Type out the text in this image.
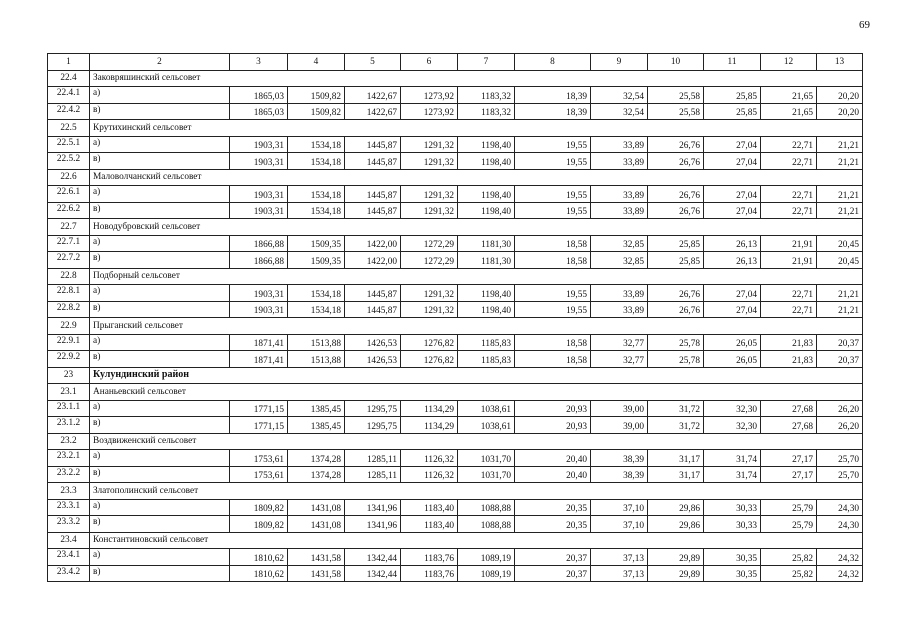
69
1	2	3	4	5	6	7	8	9	10	11	12	13
22.4	Заковряшинский сельсовет											
22.4.1	а)	1865,03	1509,82	1422,67	1273,92	1183,32	18,39	32,54	25,58	25,85	21,65	20,20
22.4.2	в)	1865,03	1509,82	1422,67	1273,92	1183,32	18,39	32,54	25,58	25,85	21,65	20,20
22.5	Крутихинский сельсовет											
22.5.1	а)	1903,31	1534,18	1445,87	1291,32	1198,40	19,55	33,89	26,76	27,04	22,71	21,21
22.5.2	в)	1903,31	1534,18	1445,87	1291,32	1198,40	19,55	33,89	26,76	27,04	22,71	21,21
22.6	Маловолчанский сельсовет											
22.6.1	а)	1903,31	1534,18	1445,87	1291,32	1198,40	19,55	33,89	26,76	27,04	22,71	21,21
22.6.2	в)	1903,31	1534,18	1445,87	1291,32	1198,40	19,55	33,89	26,76	27,04	22,71	21,21
22.7	Новодубровский сельсовет											
22.7.1	а)	1866,88	1509,35	1422,00	1272,29	1181,30	18,58	32,85	25,85	26,13	21,91	20,45
22.7.2	в)	1866,88	1509,35	1422,00	1272,29	1181,30	18,58	32,85	25,85	26,13	21,91	20,45
22.8	Подборный сельсовет											
22.8.1	а)	1903,31	1534,18	1445,87	1291,32	1198,40	19,55	33,89	26,76	27,04	22,71	21,21
22.8.2	в)	1903,31	1534,18	1445,87	1291,32	1198,40	19,55	33,89	26,76	27,04	22,71	21,21
22.9	Прыганский сельсовет											
22.9.1	а)	1871,41	1513,88	1426,53	1276,82	1185,83	18,58	32,77	25,78	26,05	21,83	20,37
22.9.2	в)	1871,41	1513,88	1426,53	1276,82	1185,83	18,58	32,77	25,78	26,05	21,83	20,37
23	Кулундинский район											
23.1	Ананьевский сельсовет											
23.1.1	а)	1771,15	1385,45	1295,75	1134,29	1038,61	20,93	39,00	31,72	32,30	27,68	26,20
23.1.2	в)	1771,15	1385,45	1295,75	1134,29	1038,61	20,93	39,00	31,72	32,30	27,68	26,20
23.2	Воздвиженский сельсовет											
23.2.1	а)	1753,61	1374,28	1285,11	1126,32	1031,70	20,40	38,39	31,17	31,74	27,17	25,70
23.2.2	в)	1753,61	1374,28	1285,11	1126,32	1031,70	20,40	38,39	31,17	31,74	27,17	25,70
23.3	Златополинский сельсовет											
23.3.1	а)	1809,82	1431,08	1341,96	1183,40	1088,88	20,35	37,10	29,86	30,33	25,79	24,30
23.3.2	в)	1809,82	1431,08	1341,96	1183,40	1088,88	20,35	37,10	29,86	30,33	25,79	24,30
23.4	Константиновский сельсовет											
23.4.1	а)	1810,62	1431,58	1342,44	1183,76	1089,19	20,37	37,13	29,89	30,35	25,82	24,32
23.4.2	в)	1810,62	1431,58	1342,44	1183,76	1089,19	20,37	37,13	29,89	30,35	25,82	24,32
